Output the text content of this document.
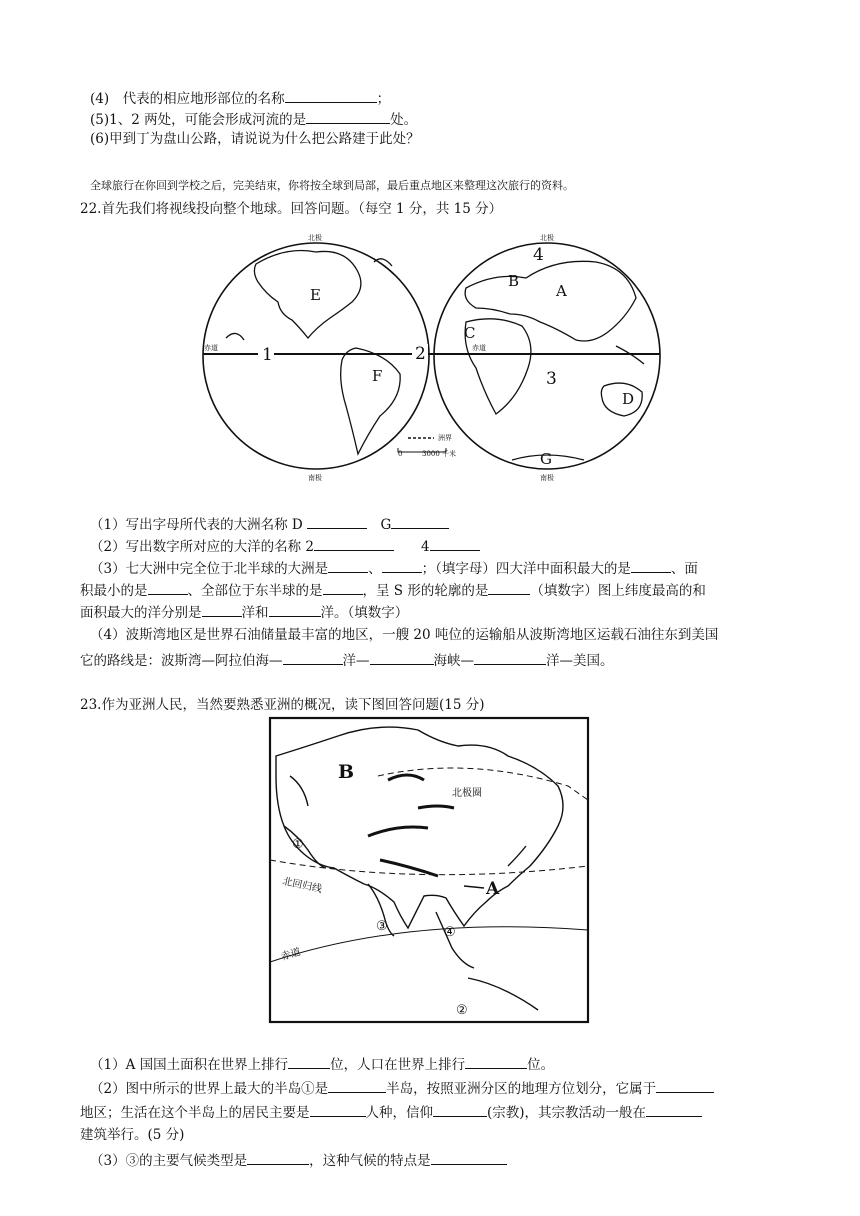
(4)　代表的相应地形部位的名称	；
(5)1、2 两处，可能会形成河流的是	处。
(6)甲到丁为盘山公路，请说说为什么把公路建于此处？
全球旅行在你回到学校之后，完美结束，你将按全球到局部，最后重点地区来整理这次旅行的资料。
22.首先我们将视线投向整个地球。回答问题。（每空 1 分，共 15 分）
E
F
B
A
C
D
G
1	2
3
4
北极	北极
南极	南极
赤道	赤道
洲界
0	3000 千米
（1）写出字母所代表的大洲名称 D 　	G
（2）写出数字所对应的大洋的名称 2　　	4
（3）七大洲中完全位于北半球的大洲是	、	；（填字母）四大洋中面积最大的是	、面
积最小的是	、全部位于东半球的是	，呈 S 形的轮廓的是	（填数字）图上纬度最高的和
面积最大的洋分别是	洋和	洋。（填数字）
（4）波斯湾地区是世界石油储量最丰富的地区，一艘 20 吨位的运输船从波斯湾地区运载石油往东到美国
它的路线是：波斯湾—阿拉伯海—	洋—	海峡—	洋—美国。
23.作为亚洲人民，当然要熟悉亚洲的概况，读下图回答问题(15 分)
B
A
北极圈
北回归线
赤道
①
②
③	④
（1）A 国国土面积在世界上排行	位，人口在世界上排行	位。
（2）图中所示的世界上最大的半岛①是	半岛，按照亚洲分区的地理方位划分，它属于
地区；生活在这个半岛上的居民主要是	人种，信仰	(宗教)，其宗教活动一般在
建筑举行。(5 分)
（3）③的主要气候类型是	，这种气候的特点是
